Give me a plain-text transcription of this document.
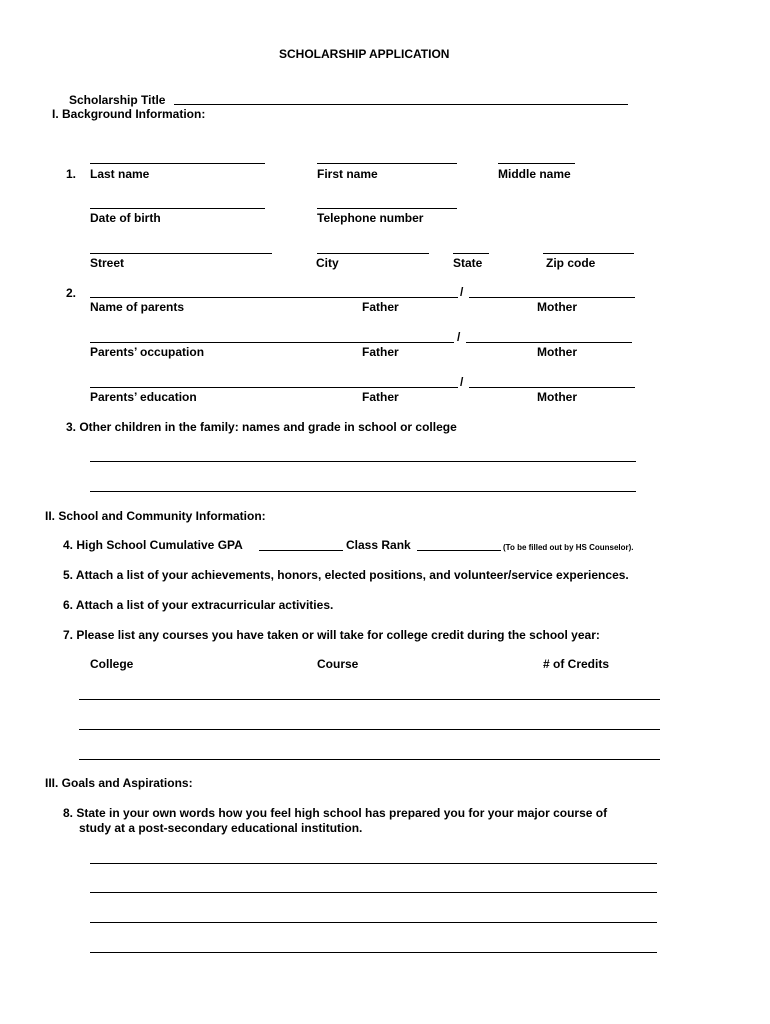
SCHOLARSHIP APPLICATION
Scholarship Title
I. Background Information:
1. Last name	First name	Middle name
Date of birth	Telephone number
Street	City	State	Zip code
2.	/
Name of parents	Father	Mother
/
Parents’ occupation	Father	Mother
/
Parents’ education	Father	Mother
3. Other children in the family: names and grade in school or college
II. School and Community Information:
4. High School Cumulative GPA	Class Rank	(To be filled out by HS Counselor).
5. Attach a list of your achievements, honors, elected positions, and volunteer/service experiences.
6. Attach a list of your extracurricular activities.
7. Please list any courses you have taken or will take for college credit during the school year:
College	Course	# of Credits
III. Goals and Aspirations:
8. State in your own words how you feel high school has prepared you for your major course of
study at a post-secondary educational institution.
